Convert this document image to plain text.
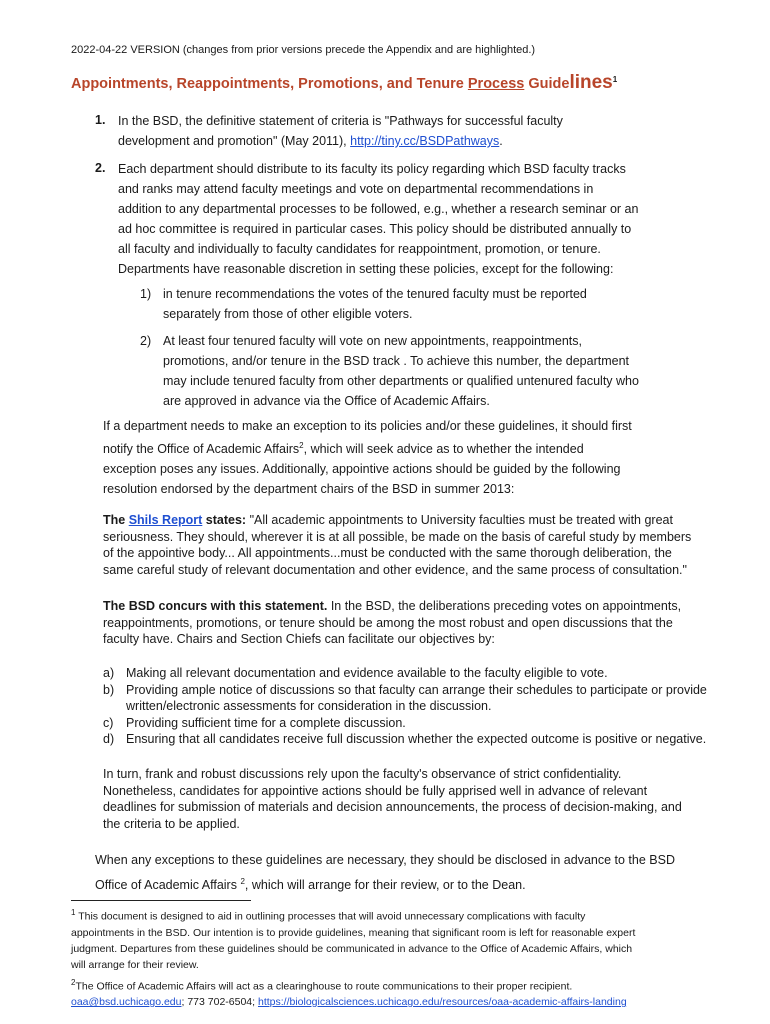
2022-04-22 VERSION (changes from prior versions precede the Appendix and are highlighted.)
Appointments, Reappointments, Promotions, and Tenure Process Guidelines$^1$
1. In the BSD, the definitive statement of criteria is "Pathways for successful faculty
development and promotion" (May 2011), http://tiny.cc/BSDPathways.
2. Each department should distribute to its faculty its policy regarding which BSD faculty tracks
and ranks may attend faculty meetings and vote on departmental recommendations in
addition to any departmental processes to be followed, e.g., whether a research seminar or an
ad hoc committee is required in particular cases. This policy should be distributed annually to
all faculty and individually to faculty candidates for reappointment, promotion, or tenure.
Departments have reasonable discretion in setting these policies, except for the following:
1) in tenure recommendations the votes of the tenured faculty must be reported
separately from those of other eligible voters.
2) At least four tenured faculty will vote on new appointments, reappointments,
promotions, and/or tenure in the BSD track . To achieve this number, the department
may include tenured faculty from other departments or qualified untenured faculty who
are approved in advance via the Office of Academic Affairs.
If a department needs to make an exception to its policies and/or these guidelines, it should first
notify the Office of Academic Affairs$^2$, which will seek advice as to whether the intended
exception poses any issues. Additionally, appointive actions should be guided by the following
resolution endorsed by the department chairs of the BSD in summer 2013:
The Shils Report states: "All academic appointments to University faculties must be treated with great
seriousness. They should, wherever it is at all possible, be made on the basis of careful study by members
of the appointive body... All appointments...must be conducted with the same thorough deliberation, the
same careful study of relevant documentation and other evidence, and the same process of consultation."
The BSD concurs with this statement. In the BSD, the deliberations preceding votes on appointments,
reappointments, promotions, or tenure should be among the most robust and open discussions that the
faculty have. Chairs and Section Chiefs can facilitate our objectives by:
a) Making all relevant documentation and evidence available to the faculty eligible to vote.
b) Providing ample notice of discussions so that faculty can arrange their schedules to participate or provide
written/electronic assessments for consideration in the discussion.
c)	Providing sufficient time for a complete discussion.
d) Ensuring that all candidates receive full discussion whether the expected outcome is positive or negative.
In turn, frank and robust discussions rely upon the faculty's observance of strict confidentiality.
Nonetheless, candidates for appointive actions should be fully apprised well in advance of relevant
deadlines for submission of materials and decision announcements, the process of decision-making, and
the criteria to be applied.
When any exceptions to these guidelines are necessary, they should be disclosed in advance to the BSD
Office of Academic Affairs $^2$, which will arrange for their review, or to the Dean.
$^1$ This document is designed to aid in outlining processes that will avoid unnecessary complications with faculty
appointments in the BSD. Our intention is to provide guidelines, meaning that significant room is left for reasonable expert
judgment. Departures from these guidelines should be communicated in advance to the Office of Academic Affairs, which
will arrange for their review.
$^2$The Office of Academic Affairs will act as a clearinghouse to route communications to their proper recipient.
oaa@bsd.uchicago.edu; 773 702-6504; https://biologicalsciences.uchicago.edu/resources/oaa-academic-affairs-landing
